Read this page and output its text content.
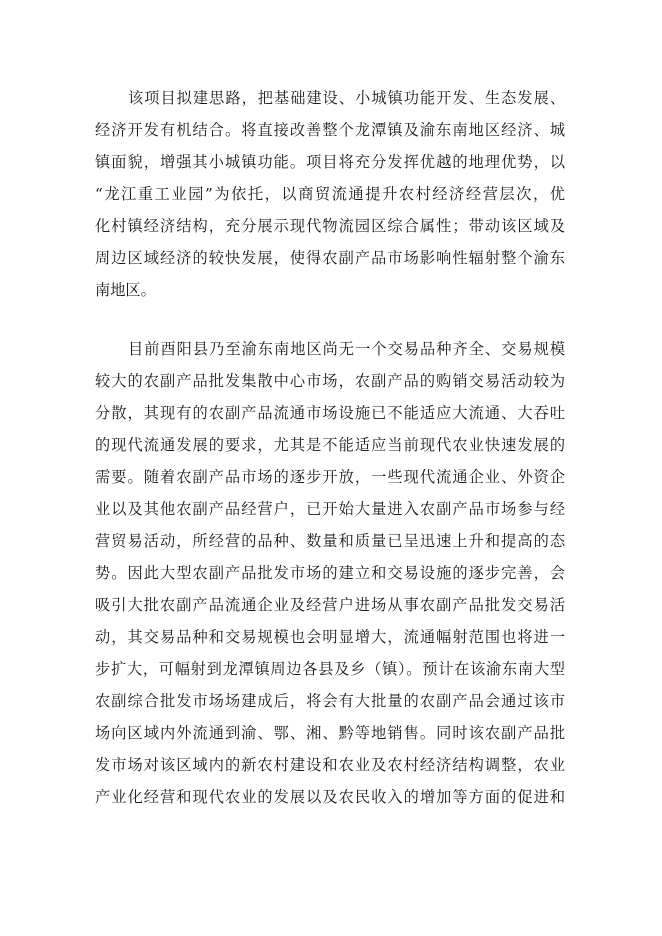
该项目拟建思路，把基础建设、小城镇功能开发、生态发展、
经济开发有机结合。将直接改善整个龙潭镇及渝东南地区经济、城
镇面貌，增强其小城镇功能。项目将充分发挥优越的地理优势，以
“龙江重工业园”为依托，以商贸流通提升农村经济经营层次，优
化村镇经济结构，充分展示现代物流园区综合属性；带动该区域及
周边区域经济的较快发展，使得农副产品市场影响性辐射整个渝东
南地区。
目前酉阳县乃至渝东南地区尚无一个交易品种齐全、交易规模
较大的农副产品批发集散中心市场，农副产品的购销交易活动较为
分散，其现有的农副产品流通市场设施已不能适应大流通、大吞吐
的现代流通发展的要求，尤其是不能适应当前现代农业快速发展的
需要。随着农副产品市场的逐步开放，一些现代流通企业、外资企
业以及其他农副产品经营户，已开始大量进入农副产品市场参与经
营贸易活动，所经营的品种、数量和质量已呈迅速上升和提高的态
势。因此大型农副产品批发市场的建立和交易设施的逐步完善，会
吸引大批农副产品流通企业及经营户进场从事农副产品批发交易活
动，其交易品种和交易规模也会明显增大，流通幅射范围也将进一
步扩大，可幅射到龙潭镇周边各县及乡（镇）。预计在该渝东南大型
农副综合批发市场场建成后，将会有大批量的农副产品会通过该市
场向区域内外流通到渝、鄂、湘、黔等地销售。同时该农副产品批
发市场对该区域内的新农村建设和农业及农村经济结构调整，农业
产业化经营和现代农业的发展以及农民收入的增加等方面的促进和
